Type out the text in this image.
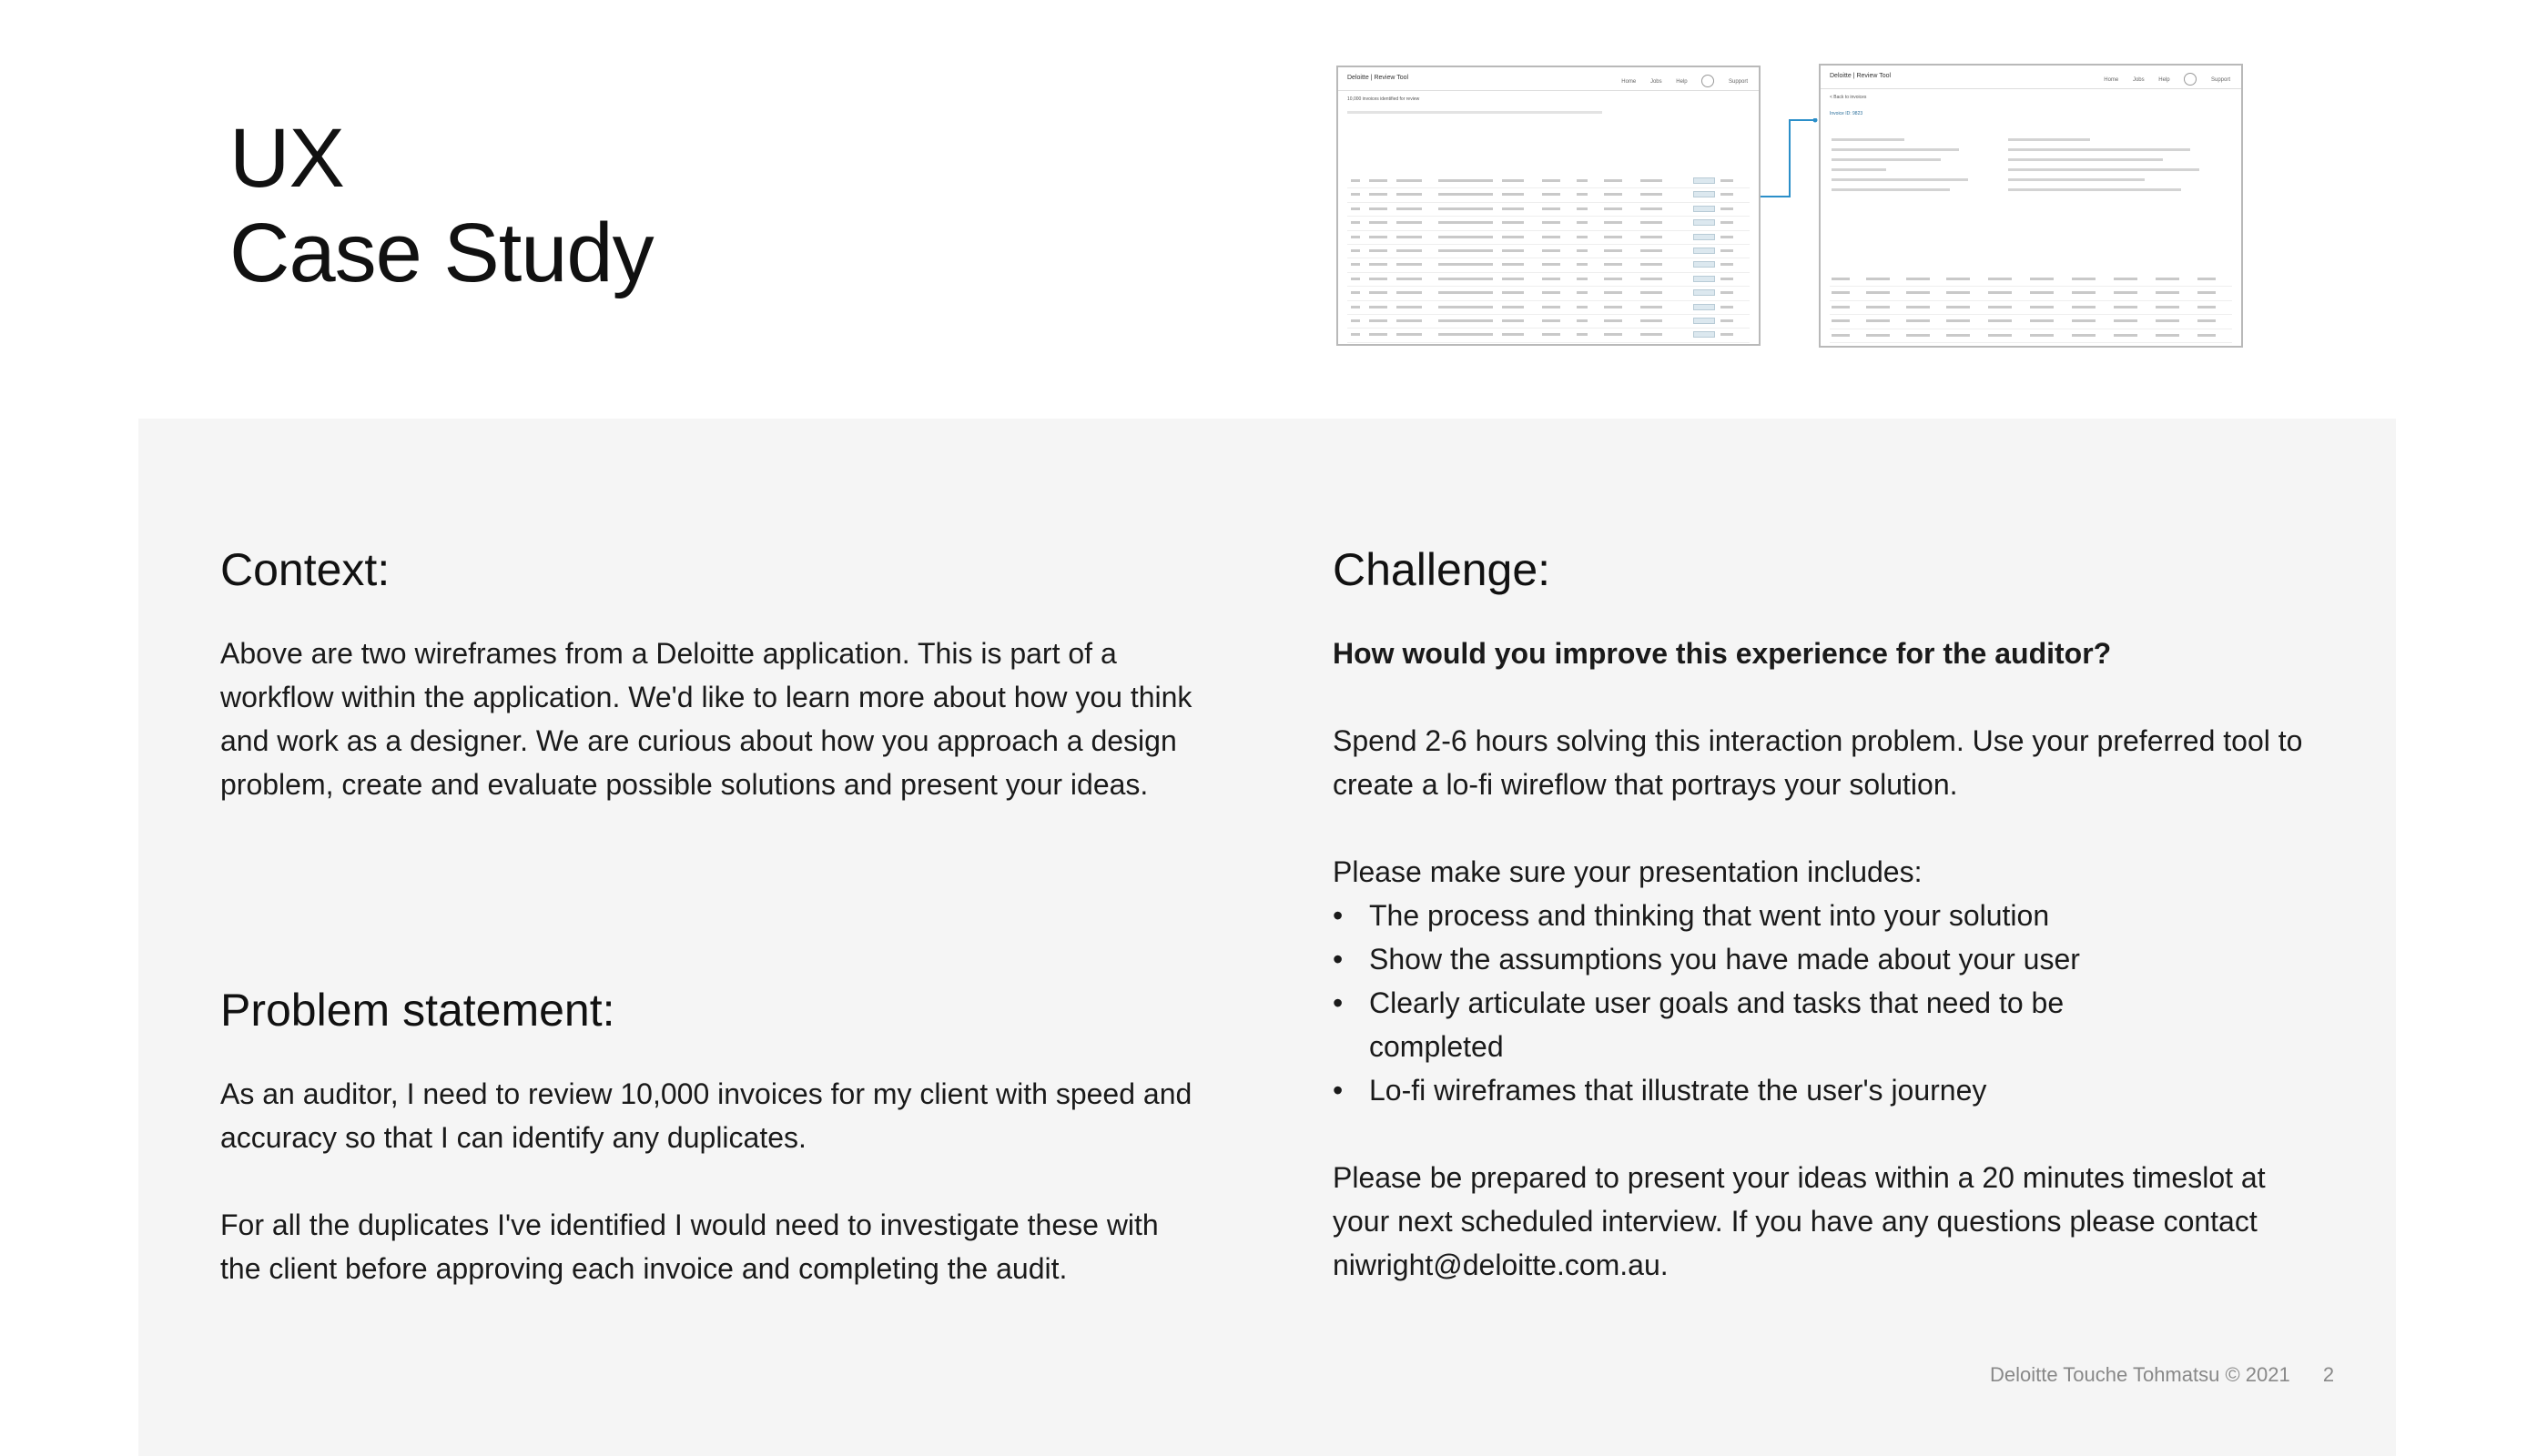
UX
Case Study
Deloitte | Review Tool
Home	Jobs	Help	Support
10,000 invoices identified for review
Deloitte | Review Tool
Home	Jobs	Help	Support
< Back to invoices
Invoice ID: 9823
Context:

Above are two wireframes from a Deloitte application. This is part of a workflow within the application. We'd like to learn more about how you think and work as a designer. We are curious about how you approach a design problem, create and evaluate possible solutions and present your ideas.

Problem statement:

As an auditor, I need to review 10,000 invoices for my client with speed and accuracy so that I can identify any duplicates.

For all the duplicates I've identified I would need to investigate these with the client before approving each invoice and completing the audit.

Challenge:

How would you improve this experience for the auditor?

Spend 2-6 hours solving this interaction problem. Use your preferred tool to create a lo-fi wireflow that portrays your solution.

Please make sure your presentation includes:

• The process and thinking that went into your solution
• Show the assumptions you have made about your user
• Clearly articulate user goals and tasks that need to be completed
• Lo-fi wireframes that illustrate the user's journey

Please be prepared to present your ideas within a 20 minutes timeslot at your next scheduled interview. If you have any questions please contact niwright@deloitte.com.au.

Deloitte Touche Tohmatsu © 2021 2
